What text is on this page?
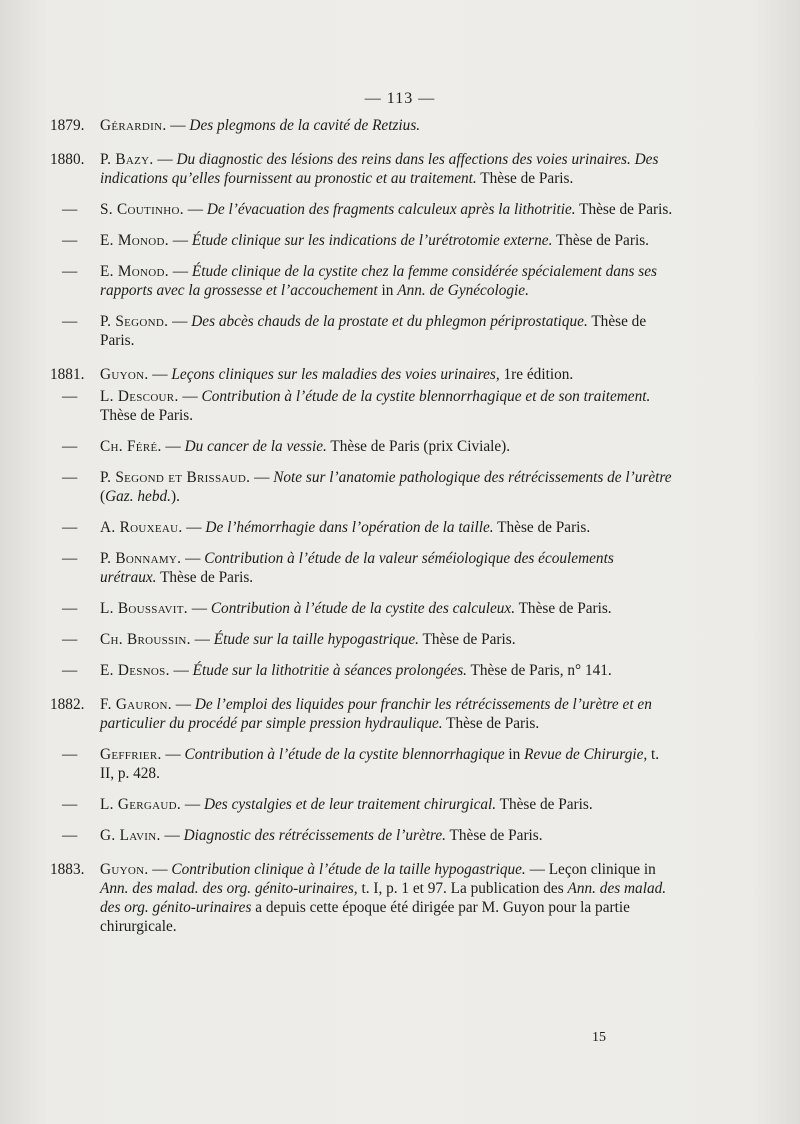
— 113 —
1879.	Gérardin. — Des plegmons de la cavité de Retzius.
1880.	P. Bazy. — Du diagnostic des lésions des reins dans les affections des voies urinaires. Des indications qu’elles fournissent au pronostic et au traitement. Thèse de Paris.
—	S. Coutinho. — De l’évacuation des fragments calculeux après la lithotritie. Thèse de Paris.
—	E. Monod. — Étude clinique sur les indications de l’urétrotomie externe. Thèse de Paris.
—	E. Monod. — Étude clinique de la cystite chez la femme considérée spécialement dans ses rapports avec la grossesse et l’accouchement in Ann. de Gynécologie.
—	P. Segond. — Des abcès chauds de la prostate et du phlegmon périprostatique. Thèse de Paris.
1881.	Guyon. — Leçons cliniques sur les maladies des voies urinaires, 1re édition.
—	L. Descour. — Contribution à l’étude de la cystite blennorrhagique et de son traitement. Thèse de Paris.
—	Ch. Féré. — Du cancer de la vessie. Thèse de Paris (prix Civiale).
—	P. Segond et Brissaud. — Note sur l’anatomie pathologique des rétrécissements de l’urètre (Gaz. hebd.).
—	A. Rouxeau. — De l’hémorrhagie dans l’opération de la taille. Thèse de Paris.
—	P. Bonnamy. — Contribution à l’étude de la valeur séméiologique des écoulements urétraux. Thèse de Paris.
—	L. Boussavit. — Contribution à l’étude de la cystite des calculeux. Thèse de Paris.
—	Ch. Broussin. — Étude sur la taille hypogastrique. Thèse de Paris.
—	E. Desnos. — Étude sur la lithotritie à séances prolongées. Thèse de Paris, n° 141.
1882.	F. Gauron. — De l’emploi des liquides pour franchir les rétrécissements de l’urètre et en particulier du procédé par simple pression hydraulique. Thèse de Paris.
—	Geffrier. — Contribution à l’étude de la cystite blennorrhagique in Revue de Chirurgie, t. II, p. 428.
—	L. Gergaud. — Des cystalgies et de leur traitement chirurgical. Thèse de Paris.
—	G. Lavin. — Diagnostic des rétrécissements de l’urètre. Thèse de Paris.
1883.	Guyon. — Contribution clinique à l’étude de la taille hypogastrique. — Leçon clinique in Ann. des malad. des org. génito-urinaires, t. I, p. 1 et 97. La publication des Ann. des malad. des org. génito-urinaires a depuis cette époque été dirigée par M. Guyon pour la partie chirurgicale.
15
